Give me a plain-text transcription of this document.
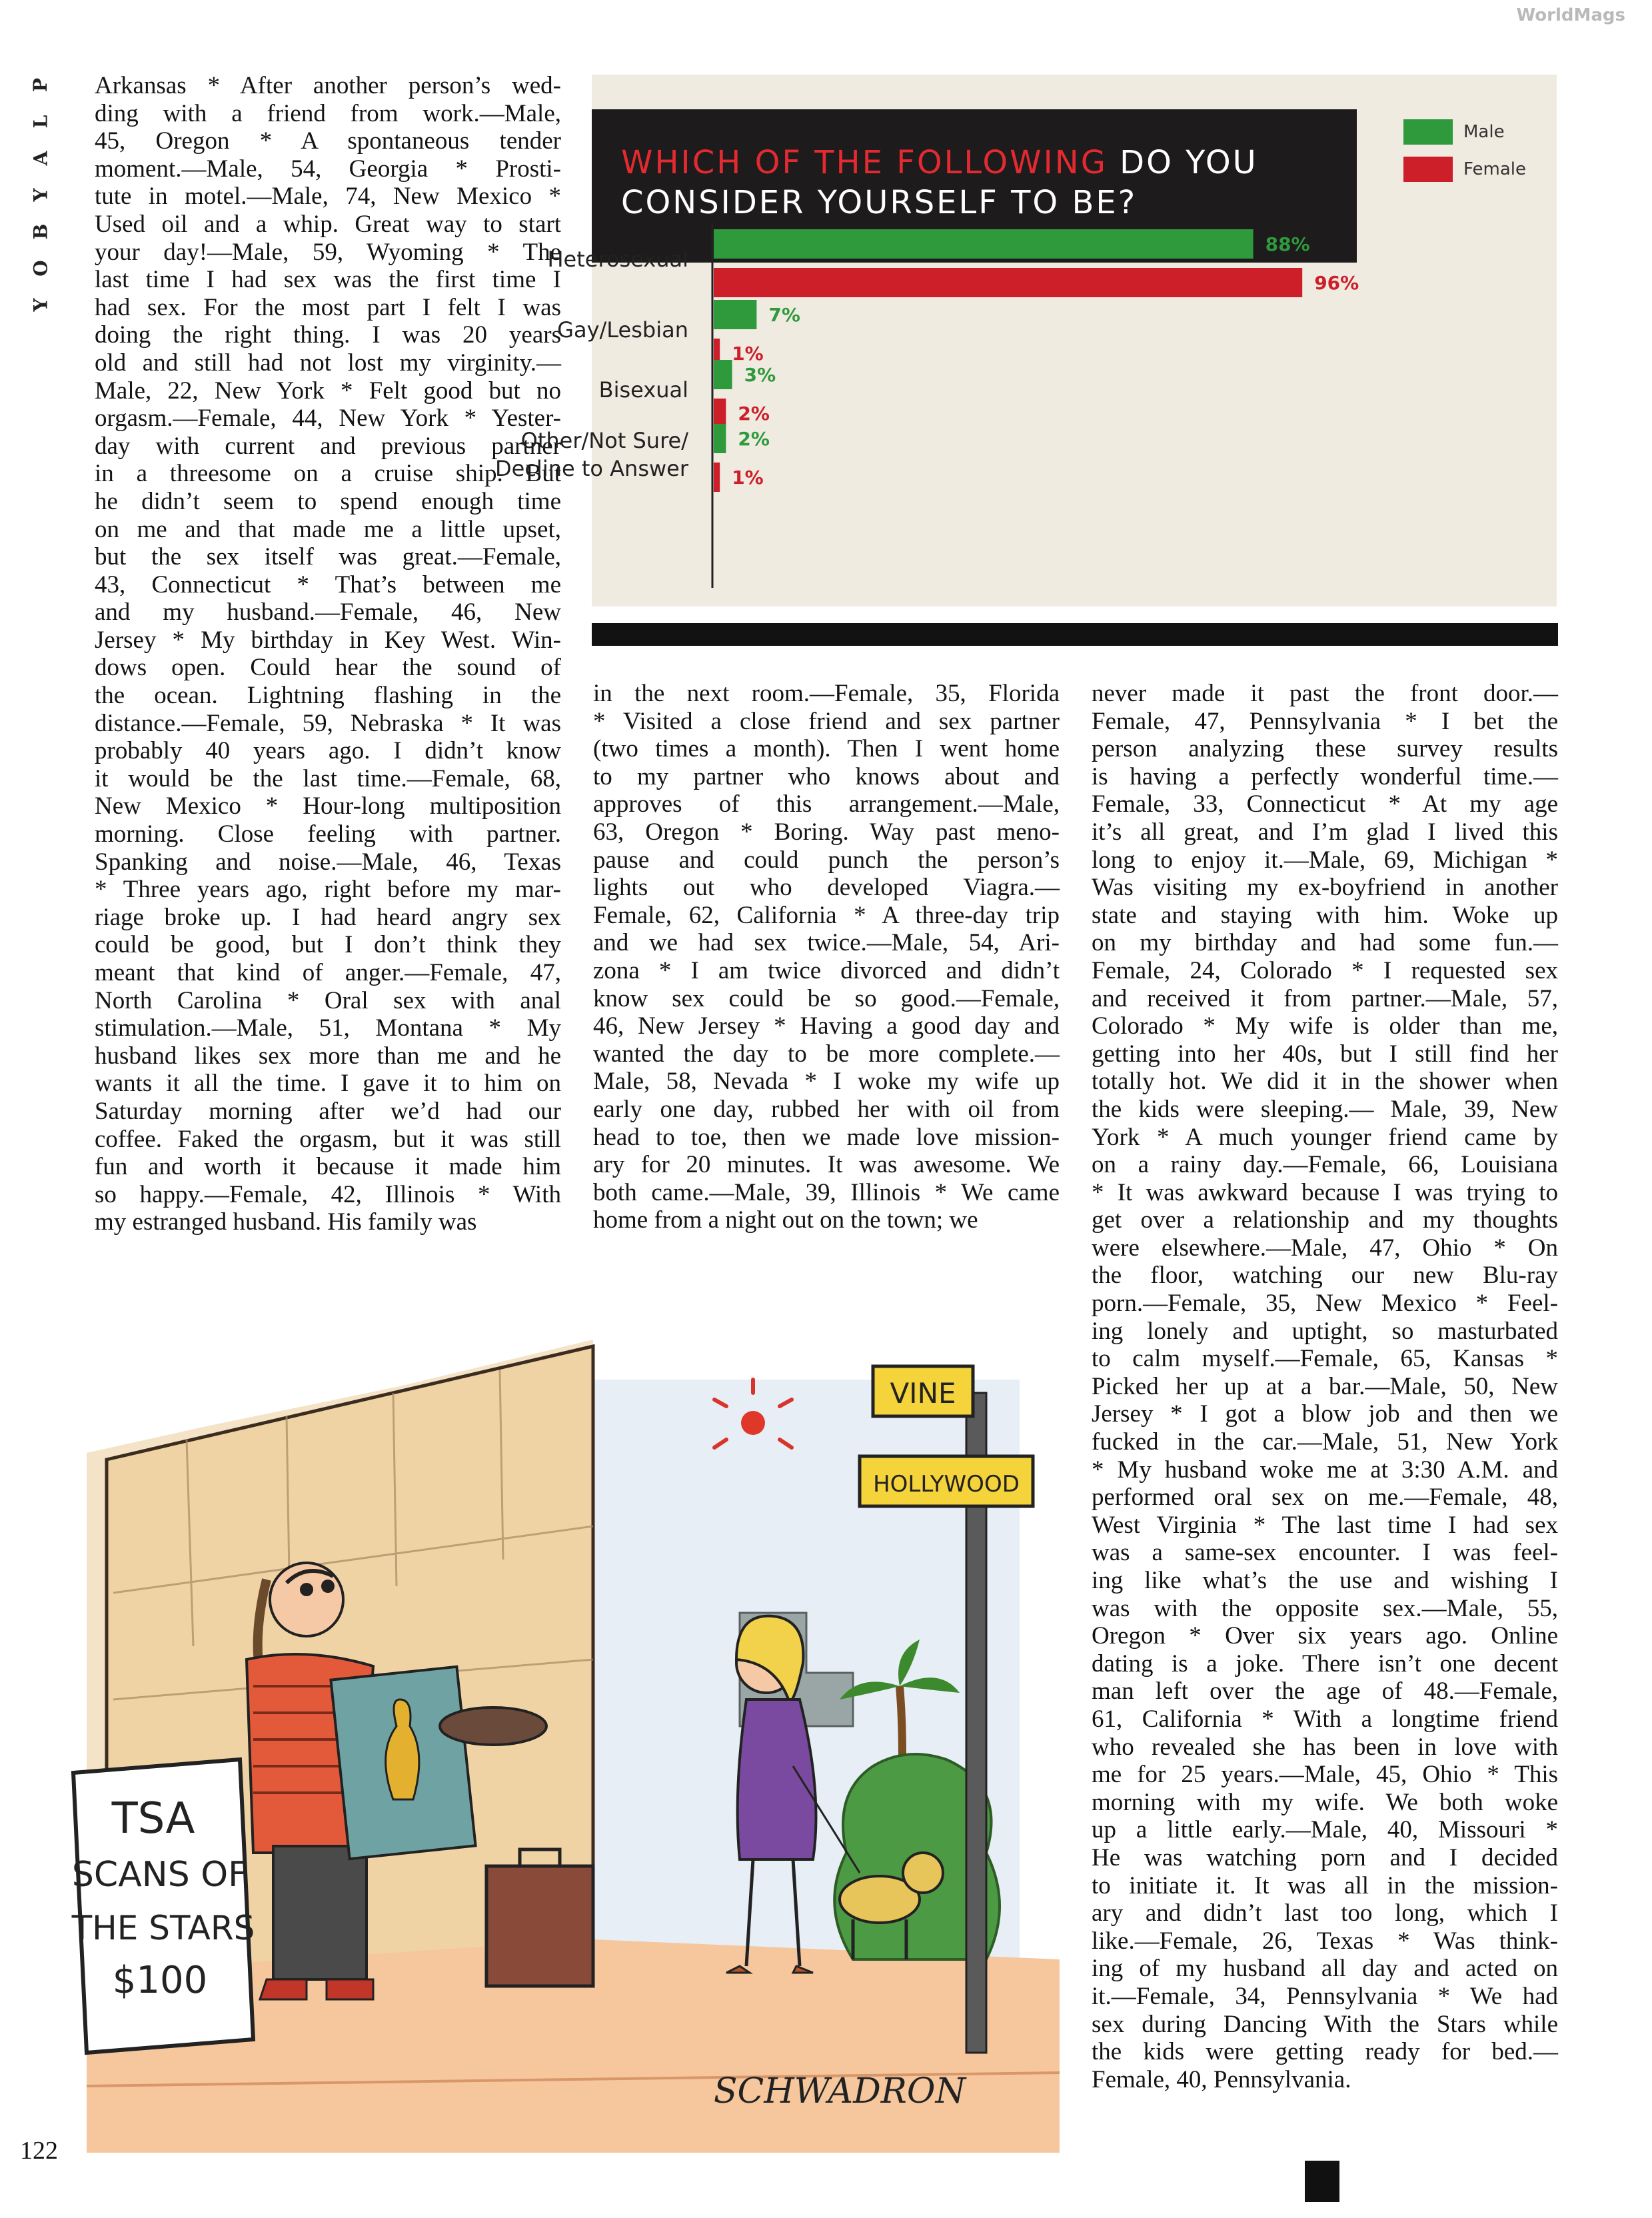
WorldMags
P
L
A
Y
B
O
Y

Arkansas * After another person’s wed-

ding with a friend from work.—Male,

45, Oregon * A spontaneous tender

moment.—Male, 54, Georgia * Prosti-

tute in motel.—Male, 74, New Mexico *

Used oil and a whip. Great way to start

your day!—Male, 59, Wyoming * The

last time I had sex was the first time I

had sex. For the most part I felt I was

doing the right thing. I was 20 years

old and still had not lost my virginity.—

Male, 22, New York * Felt good but no

orgasm.—Female, 44, New York * Yester-

day with current and previous partner

in a threesome on a cruise ship. But

he didn’t seem to spend enough time

on me and that made me a little upset,

but the sex itself was great.—Female,

43, Connecticut * That’s between me

and my husband.—Female, 46, New

Jersey * My birthday in Key West. Win-

dows open. Could hear the sound of

the ocean. Lightning flashing in the

distance.—Female, 59, Nebraska * It was

probably 40 years ago. I didn’t know

it would be the last time.—Female, 68,

New Mexico * Hour-long multiposition

morning. Close feeling with partner.

Spanking and noise.—Male, 46, Texas

* Three years ago, right before my mar-

riage broke up. I had heard angry sex

could be good, but I don’t think they

meant that kind of anger.—Female, 47,

North Carolina * Oral sex with anal

stimulation.—Male, 51, Montana * My

husband likes sex more than me and he

wants it all the time. I gave it to him on

Saturday morning after we’d had our

coffee. Faked the orgasm, but it was still

fun and worth it because it made him

so happy.—Female, 42, Illinois * With

my estranged husband. His family was

in the next room.—Female, 35, Florida

* Visited a close friend and sex partner

(two times a month). Then I went home

to my partner who knows about and

approves of this arrangement.—Male,

63, Oregon * Boring. Way past meno-

pause and could punch the person’s

lights out who developed Viagra.—

Female, 62, California * A three-day trip

and we had sex twice.—Male, 54, Ari-

zona * I am twice divorced and didn’t

know sex could be so good.—Female,

46, New Jersey * Having a good day and

wanted the day to be more complete.—

Male, 58, Nevada * I woke my wife up

early one day, rubbed her with oil from

head to toe, then we made love mission-

ary for 20 minutes. It was awesome. We

both came.—Male, 39, Illinois * We came

home from a night out on the town; we

never made it past the front door.—

Female, 47, Pennsylvania * I bet the

person analyzing these survey results

is having a perfectly wonderful time.—

Female, 33, Connecticut * At my age

it’s all great, and I’m glad I lived this

long to enjoy it.—Male, 69, Michigan *

Was visiting my ex-boyfriend in another

state and staying with him. Woke up

on my birthday and had some fun.—

Female, 24, Colorado * I requested sex

and received it from partner.—Male, 57,

Colorado * My wife is older than me,

getting into her 40s, but I still find her

totally hot. We did it in the shower when

the kids were sleeping.— Male, 39, New

York * A much younger friend came by

on a rainy day.—Female, 66, Louisiana

* It was awkward because I was trying to

get over a relationship and my thoughts

were elsewhere.—Male, 47, Ohio * On

the floor, watching our new Blu-ray

porn.—Female, 35, New Mexico * Feel-

ing lonely and uptight, so masturbated

to calm myself.—Female, 65, Kansas *

Picked her up at a bar.—Male, 50, New

Jersey * I got a blow job and then we

fucked in the car.—Male, 51, New York

* My husband woke me at 3:30 A.M. and

performed oral sex on me.—Female, 48,

West Virginia * The last time I had sex

was a same-sex encounter. I was feel-

ing like what’s the use and wishing I

was with the opposite sex.—Male, 55,

Oregon * Over six years ago. Online

dating is a joke. There isn’t one decent

man left over the age of 48.—Female,

61, California * With a longtime friend

who revealed she has been in love with

me for 25 years.—Male, 45, Ohio * This

morning with my wife. We both woke

up a little early.—Male, 40, Missouri *

He was watching porn and I decided

to initiate it. It was all in the mission-

ary and didn’t last too long, which I

like.—Female, 26, Texas * Was think-

ing of my husband all day and acted on

it.—Female, 34, Pennsylvania * We had

sex during Dancing With the Stars while

the kids were getting ready for bed.—

Female, 40, Pennsylvania.

WHICH OF THE FOLLOWING DO YOU
CONSIDER YOURSELF TO BE?
Male
Female
Heterosexual
88%
96%
Gay/Lesbian
7%
1%
Bisexual
3%
2%
Other/Not Sure/
Decline to Answer
2%
1%
VINE
HOLLYWOOD
TSA
SCANS OF
THE STARS
$100
SCHWADRON
122
